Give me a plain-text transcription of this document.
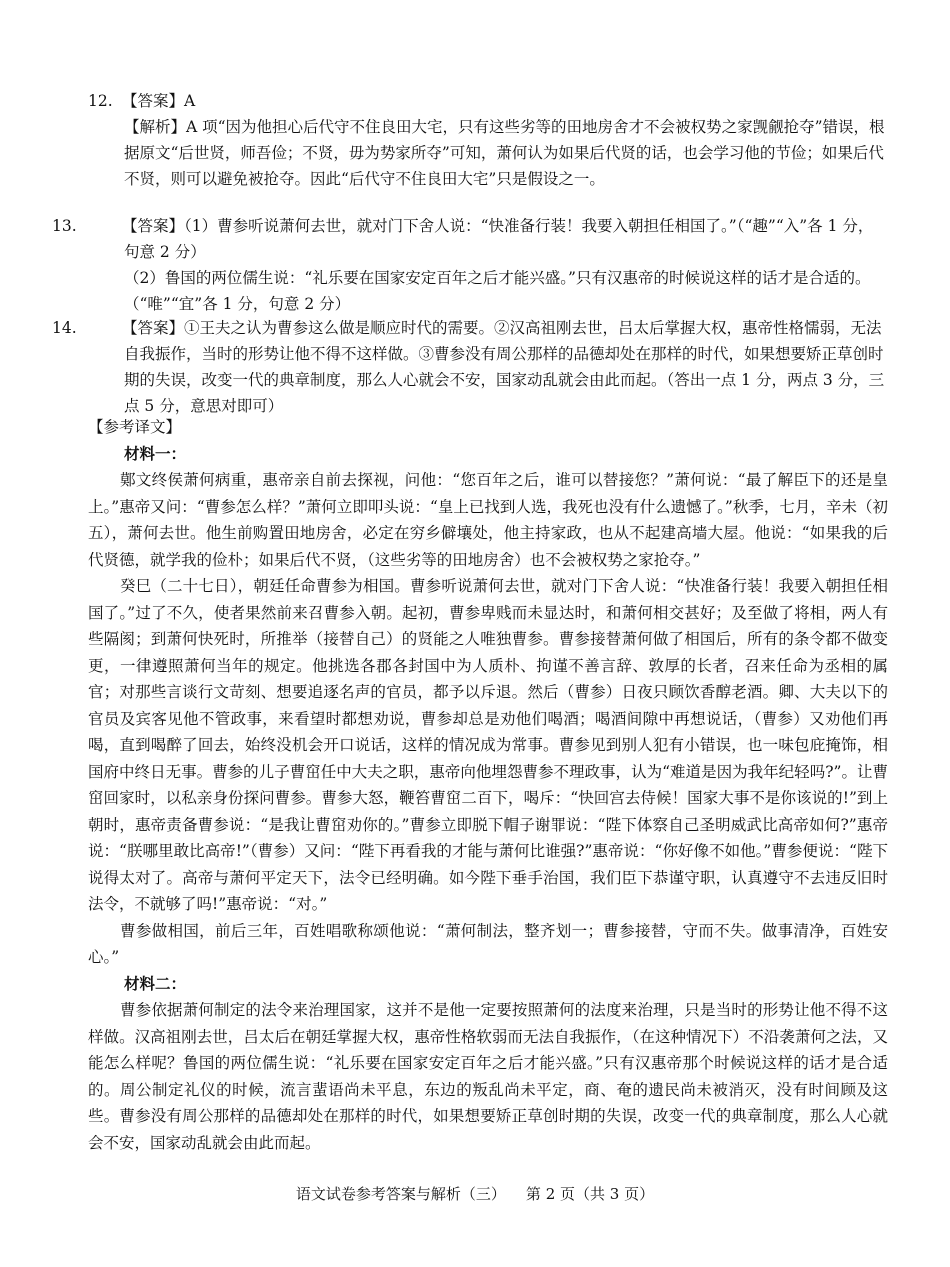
12. 【答案】A
【解析】A 项“因为他担心后代守不住良田大宅，只有这些劣等的田地房舍才不会被权势之家觊觎抢夺”错误，根据原文“后世贤，师吾俭；不贤，毋为势家所夺”可知，萧何认为如果后代贤的话，也会学习他的节俭；如果后代不贤，则可以避免被抢夺。因此“后代守不住良田大宅”只是假设之一。
13.	【答案】（1）曹参听说萧何去世，就对门下舍人说：“快准备行装！我要入朝担任相国了。”（“趣”“入”各 1 分，句意 2 分）
（2）鲁国的两位儒生说：“礼乐要在国家安定百年之后才能兴盛。”只有汉惠帝的时候说这样的话才是合适的。（“唯”“宜”各 1 分，句意 2 分）
14.	【答案】①王夫之认为曹参这么做是顺应时代的需要。②汉高祖刚去世，吕太后掌握大权，惠帝性格懦弱，无法自我振作，当时的形势让他不得不这样做。③曹参没有周公那样的品德却处在那样的时代，如果想要矫正草创时期的失误，改变一代的典章制度，那么人心就会不安，国家动乱就会由此而起。（答出一点 1 分，两点 3 分，三点 5 分，意思对即可）

【参考译文】

材料一：

鄚文终侯萧何病重，惠帝亲自前去探视，问他：“您百年之后，谁可以替接您？”萧何说：“最了解臣下的还是皇上。”惠帝又问：“曹参怎么样？”萧何立即叩头说：“皇上已找到人选，我死也没有什么遗憾了。”秋季，七月，辛未（初五），萧何去世。他生前购置田地房舍，必定在穷乡僻壤处，他主持家政，也从不起建高墙大屋。他说：“如果我的后代贤德，就学我的俭朴；如果后代不贤，（这些劣等的田地房舍）也不会被权势之家抢夺。”

癸巳（二十七日），朝廷任命曹参为相国。曹参听说萧何去世，就对门下舍人说：“快准备行装！我要入朝担任相国了。”过了不久，使者果然前来召曹参入朝。起初，曹参卑贱而未显达时，和萧何相交甚好；及至做了将相，两人有些隔阂；到萧何快死时，所推举（接替自己）的贤能之人唯独曹参。曹参接替萧何做了相国后，所有的条令都不做变更，一律遵照萧何当年的规定。他挑选各郡各封国中为人质朴、拘谨不善言辞、敦厚的长者，召来任命为丞相的属官；对那些言谈行文苛刻、想要追逐名声的官员，都予以斥退。然后（曹参）日夜只顾饮香醇老酒。卿、大夫以下的官员及宾客见他不管政事，来看望时都想劝说，曹参却总是劝他们喝酒；喝酒间隙中再想说话，（曹参）又劝他们再喝，直到喝醉了回去，始终没机会开口说话，这样的情况成为常事。曹参见到别人犯有小错误，也一味包庇掩饰，相国府中终日无事。曹参的儿子曹窋任中大夫之职，惠帝向他埋怨曹参不理政事，认为“难道是因为我年纪轻吗?”。让曹窋回家时，以私亲身份探问曹参。曹参大怒，鞭笞曹窋二百下，喝斥：“快回宫去侍候！国家大事不是你该说的!”到上朝时，惠帝责备曹参说：“是我让曹窋劝你的。”曹参立即脱下帽子谢罪说：“陛下体察自己圣明威武比高帝如何?”惠帝说：“朕哪里敢比高帝!”（曹参）又问：“陛下再看我的才能与萧何比谁强?”惠帝说：“你好像不如他。”曹参便说：“陛下说得太对了。高帝与萧何平定天下，法令已经明确。如今陛下垂手治国，我们臣下恭谨守职，认真遵守不去违反旧时法令，不就够了吗!”惠帝说：“对。”

曹参做相国，前后三年，百姓唱歌称颂他说：“萧何制法，整齐划一；曹参接替，守而不失。做事清净，百姓安心。”

材料二：

曹参依据萧何制定的法令来治理国家，这并不是他一定要按照萧何的法度来治理，只是当时的形势让他不得不这样做。汉高祖刚去世，吕太后在朝廷掌握大权，惠帝性格软弱而无法自我振作，（在这种情况下）不沿袭萧何之法，又能怎么样呢？鲁国的两位儒生说：“礼乐要在国家安定百年之后才能兴盛。”只有汉惠帝那个时候说这样的话才是合适的。周公制定礼仪的时候，流言蜚语尚未平息，东边的叛乱尚未平定，商、奄的遗民尚未被消灭，没有时间顾及这些。曹参没有周公那样的品德却处在那样的时代，如果想要矫正草创时期的失误，改变一代的典章制度，那么人心就会不安，国家动乱就会由此而起。

语文试卷参考答案与解析（三） 第 2 页（共 3 页）
